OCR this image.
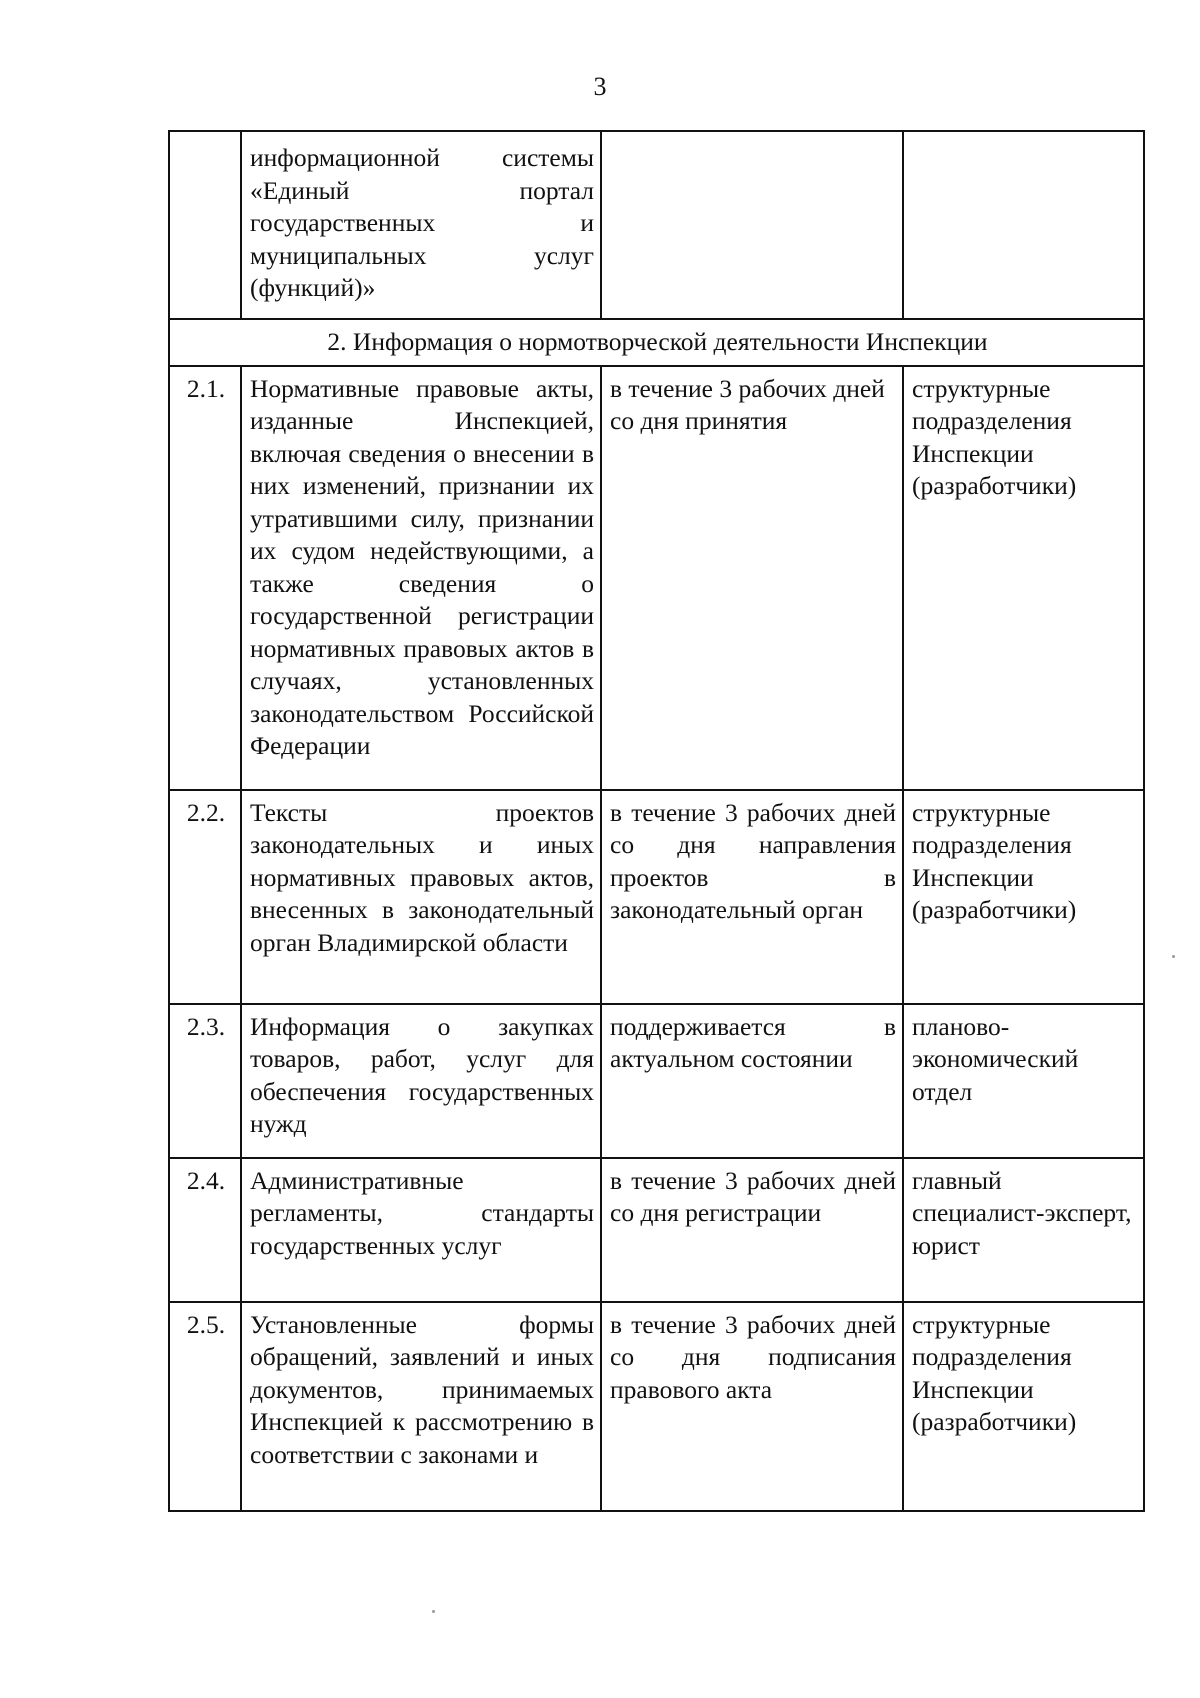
3
	информационной системы «Единый портал государственных и муниципальных услуг (функций)»		
2. Информация о нормотворческой деятельности Инспекции			
2.1.	Нормативные правовые акты, изданные Инспекцией, включая сведения о внесении в них изменений, признании их утратившими силу, признании их судом недействующими, а также сведения о государственной регистрации нормативных правовых актов в случаях, установленных законодательством Российской Федерации	в течение 3 рабочих дней со дня принятия	структурные подразделения Инспекции (разработчики)
2.2.	Тексты проектов законодательных и иных нормативных правовых актов, внесенных в законодательный орган Владимирской области	в течение 3 рабочих дней со дня направления проектов в законодательный орган	структурные подразделения Инспекции (разработчики)
2.3.	Информация о закупках товаров, работ, услуг для обеспечения государственных нужд	поддерживается в актуальном состоянии	планово-экономический отдел
2.4.	Административные регламенты, стандарты государственных услуг	в течение 3 рабочих дней со дня регистрации	главный специалист-эксперт, юрист
2.5.	Установленные формы обращений, заявлений и иных документов, принимаемых Инспекцией к рассмотрению в соответствии с законами и	в течение 3 рабочих дней со дня подписания правового акта	структурные подразделения Инспекции (разработчики)
